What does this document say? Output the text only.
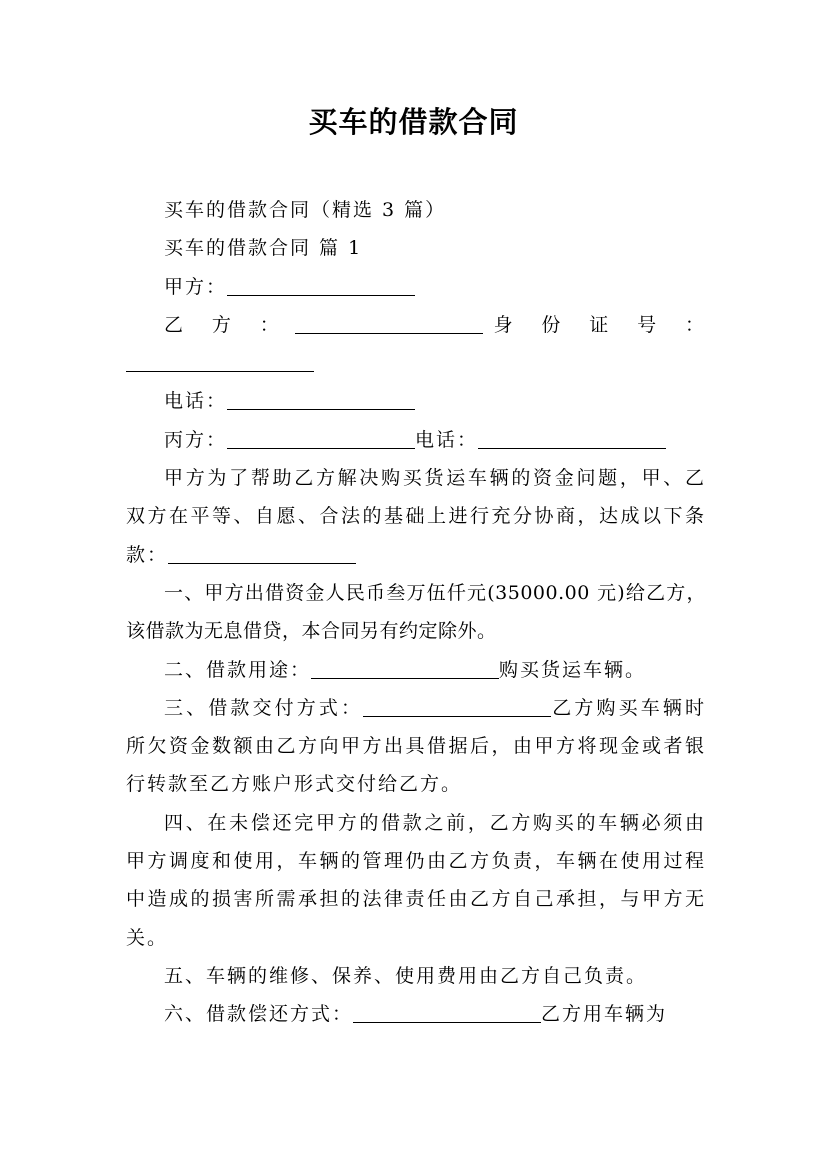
买车的借款合同

买车的借款合同（精选 3 篇）

买车的借款合同 篇 1

甲方：

乙　方　：	身　份　证　号　：

电话：

丙方：	电话：

甲方为了帮助乙方解决购买货运车辆的资金问题，甲、乙双方在平等、自愿、合法的基础上进行充分协商，达成以下条款：

一、甲方出借资金人民币叁万伍仟元(35000.00 元)给乙方，该借款为无息借贷，本合同另有约定除外。

二、借款用途：	购买货运车辆。

三、借款交付方式：	乙方购买车辆时所欠资金数额由乙方向甲方出具借据后，由甲方将现金或者银行转款至乙方账户形式交付给乙方。

四、在未偿还完甲方的借款之前，乙方购买的车辆必须由甲方调度和使用，车辆的管理仍由乙方负责，车辆在使用过程中造成的损害所需承担的法律责任由乙方自己承担，与甲方无关。

五、车辆的维修、保养、使用费用由乙方自己负责。

六、借款偿还方式：	乙方用车辆为
